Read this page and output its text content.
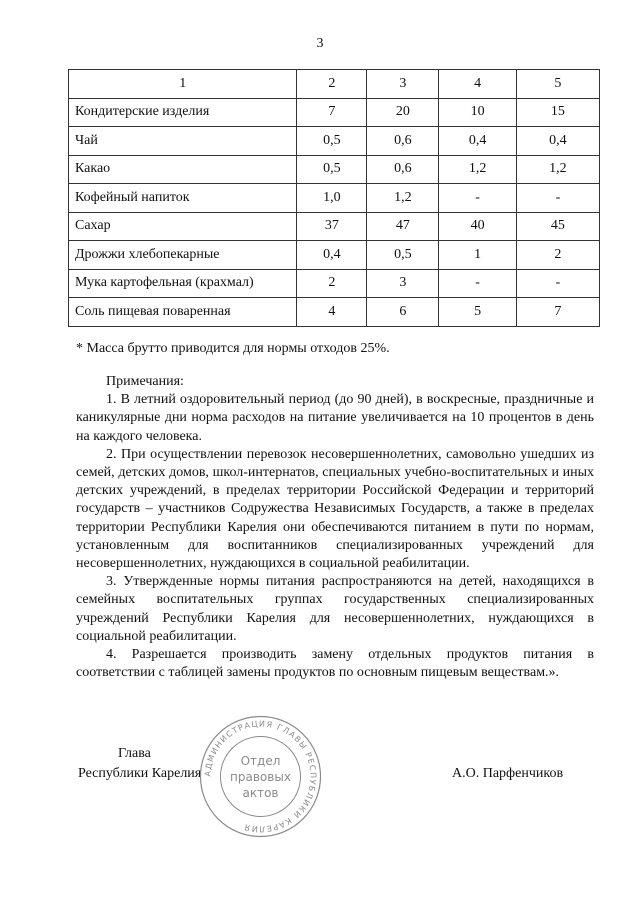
3
1	2	3	4	5
Кондитерские изделия	7	20	10	15
Чай	0,5	0,6	0,4	0,4
Какао	0,5	0,6	1,2	1,2
Кофейный напиток	1,0	1,2	-	-
Сахар	37	47	40	45
Дрожжи хлебопекарные	0,4	0,5	1	2
Мука картофельная (крахмал)	2	3	-	-
Соль пищевая поваренная	4	6	5	7
* Масса брутто приводится для нормы отходов 25%.

Примечания:

1. В летний оздоровительный период (до 90 дней), в воскресные, праздничные и каникулярные дни норма расходов на питание увеличивается на 10 процентов в день на каждого человека.

2. При осуществлении перевозок несовершеннолетних, самовольно ушедших из семей, детских домов, школ-интернатов, специальных учебно-воспитательных и иных детских учреждений, в пределах территории Российской Федерации и территорий государств – участников Содружества Независимых Государств, а также в пределах территории Республики Карелия они обеспечиваются питанием в пути по нормам, установленным для воспитанников специализированных учреждений для несовершеннолетних, нуждающихся в социальной реабилитации.

3. Утвержденные нормы питания распространяются на детей, находящихся в семейных воспитательных группах государственных специализированных учреждений Республики Карелия для несовершеннолетних, нуждающихся в социальной реабилитации.

4. Разрешается производить замену отдельных продуктов питания в соответствии с таблицей замены продуктов по основным пищевым веществам.».

Глава
Республики Карелия	А.О. Парфенчиков
АДМИНИСТРАЦИЯ ГЛАВЫ РЕСПУБЛИКИ КАРЕЛИЯ
Отдел
правовых
актов
